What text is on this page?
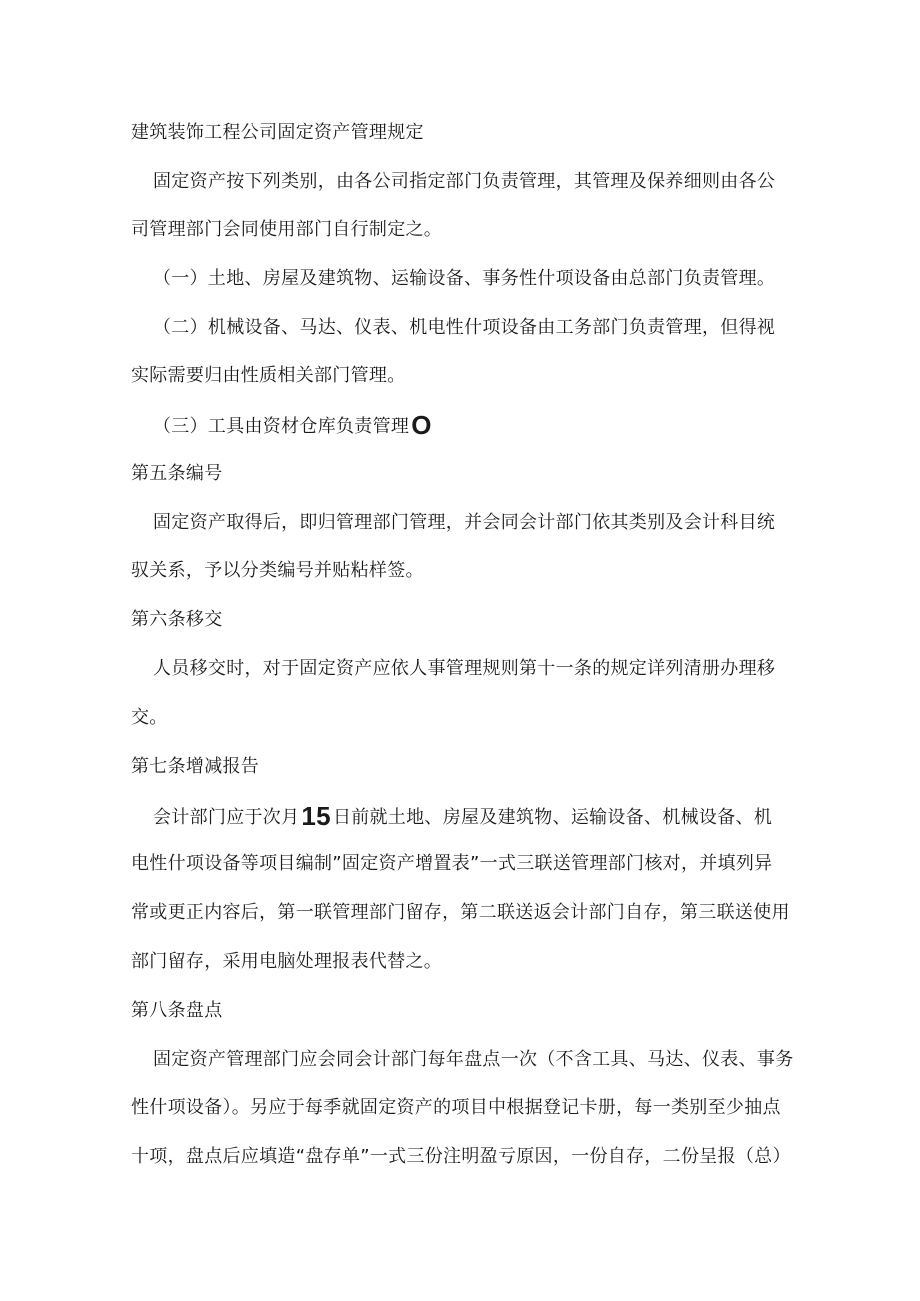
建筑装饰工程公司固定资产管理规定

固定资产按下列类别，由各公司指定部门负责管理，其管理及保养细则由各公

司管理部门会同使用部门自行制定之。

（一）土地、房屋及建筑物、运输设备、事务性什项设备由总部门负责管理。

（二）机械设备、马达、仪表、机电性什项设备由工务部门负责管理，但得视

实际需要归由性质相关部门管理。

（三）工具由资材仓库负责管理O

第五条编号

固定资产取得后，即归管理部门管理，并会同会计部门依其类别及会计科目统

驭关系，予以分类编号并贴粘样签。

第六条移交

人员移交时，对于固定资产应依人事管理规则第十一条的规定详列清册办理移

交。

第七条增减报告

会计部门应于次月15 日前就土地、房屋及建筑物、运输设备、机械设备、机

电性什项设备等项目编制”固定资产增置表”一式三联送管理部门核对，并填列异

常或更正内容后，第一联管理部门留存，第二联送返会计部门自存，第三联送使用

部门留存，采用电脑处理报表代替之。

第八条盘点

固定资产管理部门应会同会计部门每年盘点一次（不含工具、马达、仪表、事务

性什项设备）。另应于每季就固定资产的项目中根据登记卡册，每一类别至少抽点

十项，盘点后应填造“盘存单”一式三份注明盈亏原因，一份自存，二份呈报（总）
